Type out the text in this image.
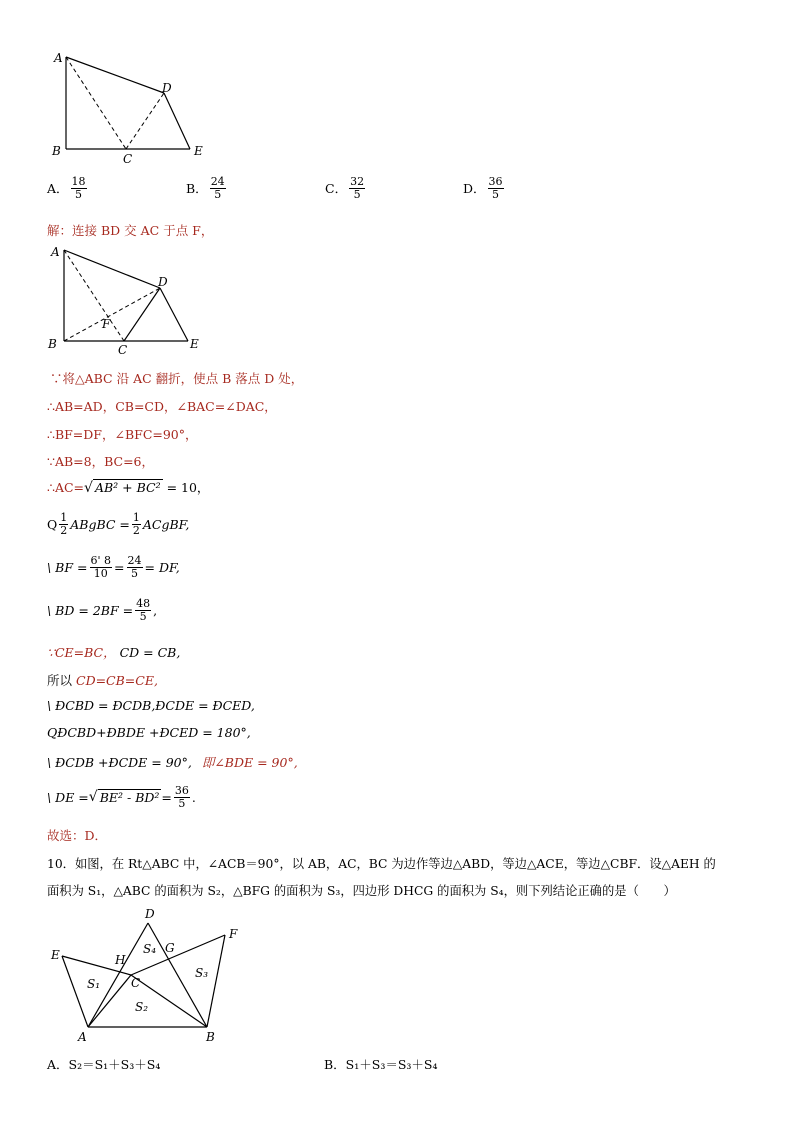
A
D
B
C
E
A． $\frac{18}{5}$	B． $\frac{24}{5}$	C． $\frac{32}{5}$	D． $\frac{36}{5}$
解：连接 BD 交 AC 于点 F，
A
D
F
B	C	E
∵将△ABC 沿 AC 翻折，使点 B 落点 D 处，
∴AB=AD，CB=CD，∠BAC=∠DAC，
∴BF=DF，∠BFC=90°，
∵AB=8，BC=6，
∴AC=√ AB² + BC² = 10，
Q $\frac{1}{2}$ ABgBC = $\frac{1}{2}$ ACgBF,
\ BF = $\frac{6' 8}{10} = \frac{24}{5}$ = DF,
\ BD = $2BF = \frac{48}{5}$ ,
∵CE=BC， CD = CB,
所以 CD=CB=CE,
\ ÐCBD = ÐCDB,ÐCDE = ÐCED,
QÐCBD+ÐBDE +ÐCED = 180°,
\ ÐCDB +ÐCDE = 90°, 即∠BDE = 90°,
\ DE = √ $BE^2 - BD^2 = \frac{36}{5}$ .
故选：D．
10．如图，在 Rt△ABC 中，∠ACB＝90°，以 AB，AC，BC 为边作等边△ABD，等边△ACE，等边△CBF．设△AEH 的
面积为 S₁，△ABC 的面积为 S₂，△BFG 的面积为 S₃，四边形 DHCG 的面积为 S₄，则下列结论正确的是（　　）
D
F
G
S₄
E	H
S₃
S₁	C
S₂
A	B
A．S₂＝S₁＋S₃＋S₄	B．S₁＋S₃＝S₃＋S₄
